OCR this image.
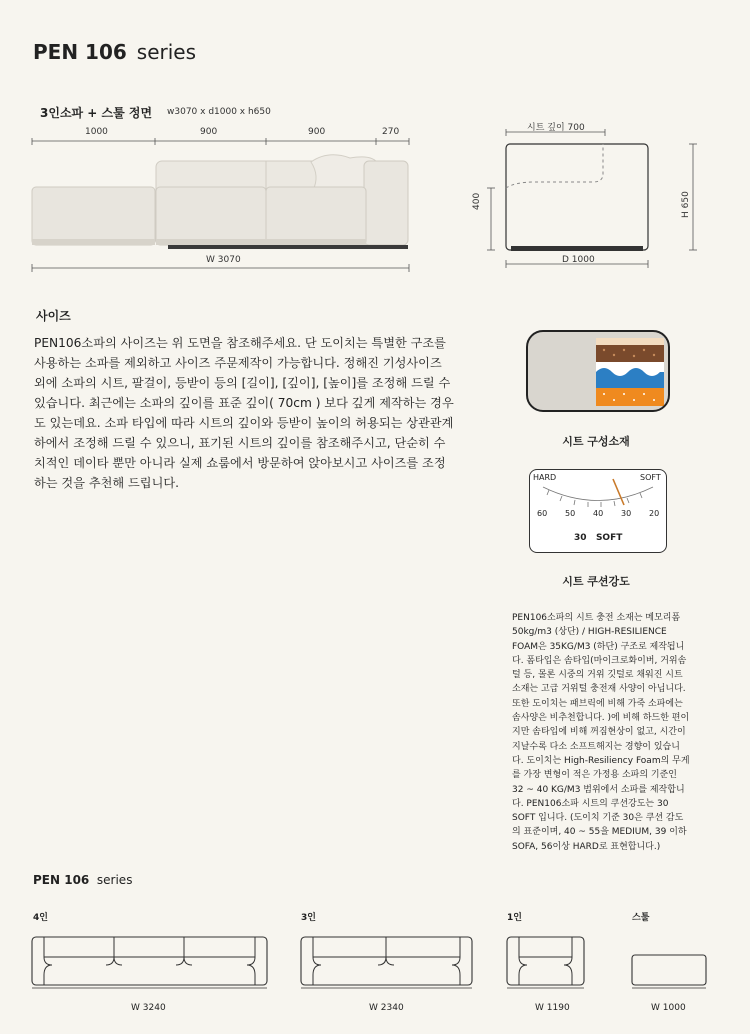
PEN 106 series
3인소파 + 스툴 정면 w3070 x d1000 x h650
1000	900	900	270
W 3070
시트 깊이 700
400	H 650
D 1000
사이즈
PEN106소파의 사이즈는 위 도면을 참조해주세요. 단 도이치는 특별한 구조를 사용하는 소파를 제외하고 사이즈 주문제작이 가능합니다. 정해진 기성사이즈 외에 소파의 시트, 팔걸이, 등받이 등의 [길이], [깊이], [높이]를 조정해 드릴 수 있습니다. 최근에는 소파의 깊이를 표준 깊이( 70cm ) 보다 깊게 제작하는 경우도 있는데요. 소파 타입에 따라 시트의 깊이와 등받이 높이의 허용되는 상관관계 하에서 조정해 드릴 수 있으니, 표기된 시트의 깊이를 참조해주시고, 단순히 수치적인 데이타 뿐만 아니라 실제 쇼룸에서 방문하여 앉아보시고 사이즈를 조정하는 것을 추천해 드립니다.
시트 구성소재
HARD	SOFT
60 50 40 30 20
30 SOFT
시트 쿠션강도
PEN106소파의 시트 충전 소재는 메모리폼 50kg/m3 (상단) / HIGH-RESILIENCE FOAM은 35KG/M3 (하단) 구조로 제작됩니다. 폼타입은 솜타입(마이크로화이버, 거위솜털 등, 몰론 시중의 거위 깃털로 채워진 시트 소재는 고급 거위털 충전재 사양이 아닙니다. 또한 도이치는 패브릭에 비해 가죽 소파에는 솜사양은 비추천합니다. )에 비해 하드한 편이지만 솜타입에 비해 꺼짐현상이 없고, 시간이 지날수록 다소 소프트해지는 경향이 있습니다. 도이치는 High-Resiliency Foam의 무게를 가장 변형이 적은 가정용 소파의 기준인 32 ~ 40 KG/M3 범위에서 소파를 제작합니다. PEN106소파 시트의 쿠션강도는 30 SOFT 입니다. (도이치 기준 30은 쿠션 감도의 표준이며, 40 ~ 55을 MEDIUM, 39 이하 SOFA, 56이상 HARD로 표현합니다.)
PEN 106 series
4인	3인	1인	스툴
W 3240	W 2340	W 1190	W 1000
